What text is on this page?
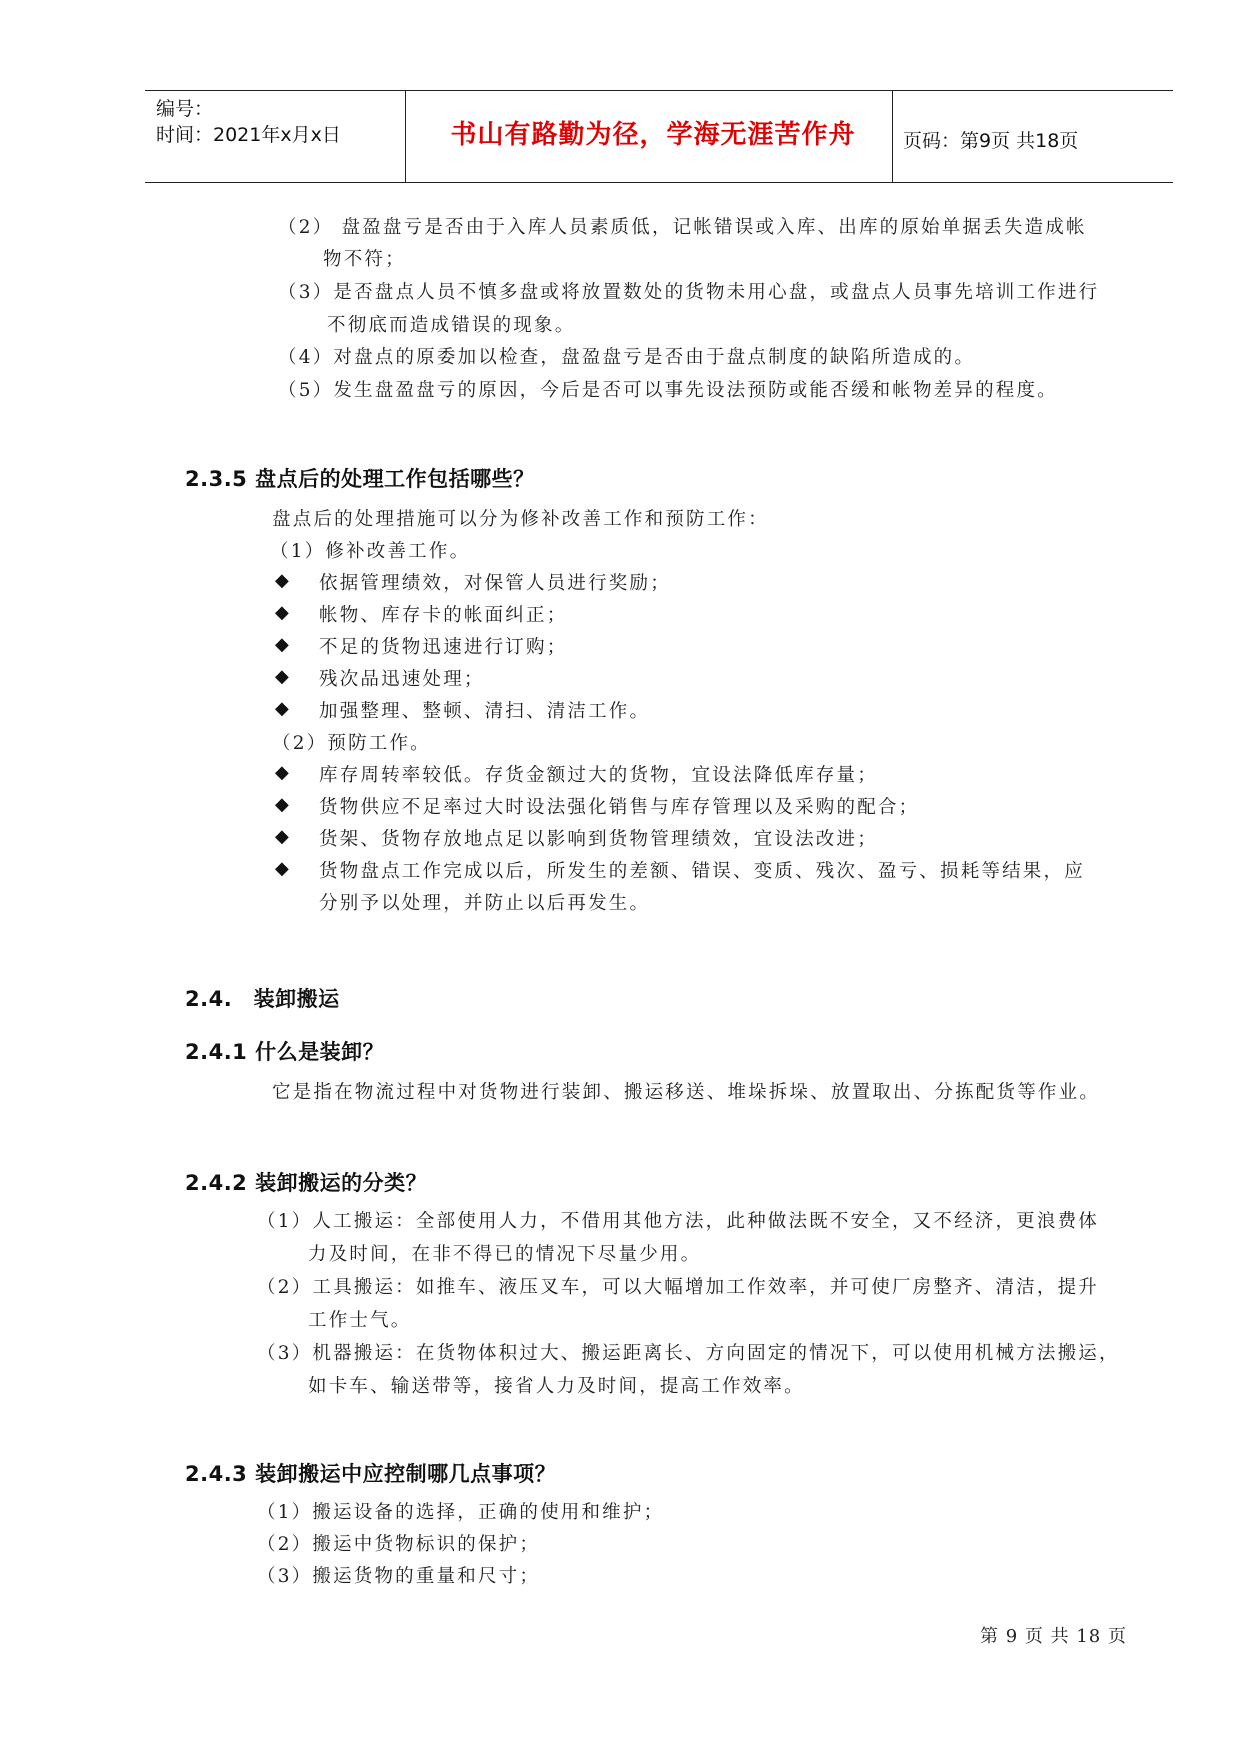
编号：
时间：2021年x月x日	书山有路勤为径，学海无涯苦作舟	页码：第9页 共18页
（2） 盘盈盘亏是否由于入库人员素质低，记帐错误或入库、出库的原始单据丢失造成帐
物不符；
（3）是否盘点人员不慎多盘或将放置数处的货物未用心盘，或盘点人员事先培训工作进行
不彻底而造成错误的现象。
（4）对盘点的原委加以检查，盘盈盘亏是否由于盘点制度的缺陷所造成的。
（5）发生盘盈盘亏的原因，今后是否可以事先设法预防或能否缓和帐物差异的程度。
2.3.5 盘点后的处理工作包括哪些？
盘点后的处理措施可以分为修补改善工作和预防工作：
（1）修补改善工作。
◆ 依据管理绩效，对保管人员进行奖励；
◆ 帐物、库存卡的帐面纠正；
◆ 不足的货物迅速进行订购；
◆ 残次品迅速处理；
◆ 加强整理、整顿、清扫、清洁工作。
（2）预防工作。
◆ 库存周转率较低。存货金额过大的货物，宜设法降低库存量；
◆ 货物供应不足率过大时设法强化销售与库存管理以及采购的配合；
◆ 货架、货物存放地点足以影响到货物管理绩效，宜设法改进；
◆ 货物盘点工作完成以后，所发生的差额、错误、变质、残次、盈亏、损耗等结果，应
分别予以处理，并防止以后再发生。
2.4.　装卸搬运
2.4.1 什么是装卸？
它是指在物流过程中对货物进行装卸、搬运移送、堆垛拆垛、放置取出、分拣配货等作业。
2.4.2 装卸搬运的分类？
（1）人工搬运：全部使用人力，不借用其他方法，此种做法既不安全，又不经济，更浪费体
力及时间，在非不得已的情况下尽量少用。
（2）工具搬运：如推车、液压叉车，可以大幅增加工作效率，并可使厂房整齐、清洁，提升
工作士气。
（3）机器搬运：在货物体积过大、搬运距离长、方向固定的情况下，可以使用机械方法搬运，
如卡车、输送带等，接省人力及时间，提高工作效率。
2.4.3 装卸搬运中应控制哪几点事项？
（1）搬运设备的选择，正确的使用和维护；
（2）搬运中货物标识的保护；
（3）搬运货物的重量和尺寸；
第 9 页 共 18 页
